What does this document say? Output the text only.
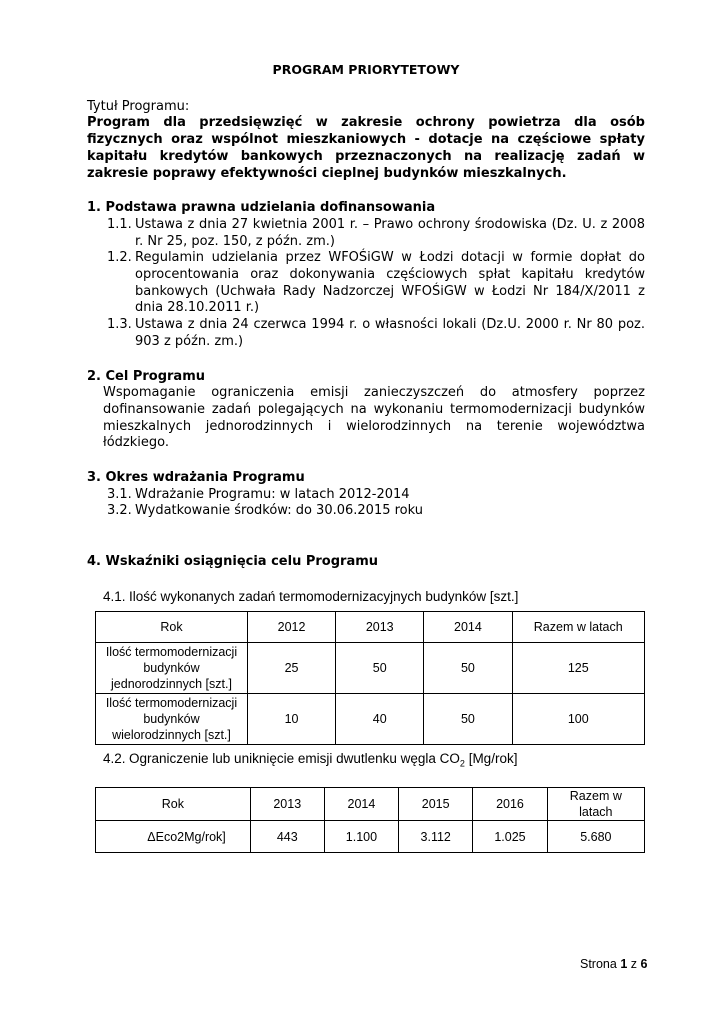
PROGRAM PRIORYTETOWY
Tytuł Programu:
Program dla przedsięwzięć w zakresie ochrony powietrza dla osób fizycznych oraz wspólnot mieszkaniowych - dotacje na częściowe spłaty kapitału kredytów bankowych przeznaczonych na realizację zadań w zakresie poprawy efektywności cieplnej budynków mieszkalnych.
1. Podstawa prawna udzielania dofinansowania
1.1. Ustawa z dnia 27 kwietnia 2001 r. – Prawo ochrony środowiska (Dz. U. z 2008 r. Nr 25, poz. 150, z późn. zm.)
1.2. Regulamin udzielania przez WFOŚiGW w Łodzi dotacji w formie dopłat do oprocentowania oraz dokonywania częściowych spłat kapitału kredytów bankowych (Uchwała Rady Nadzorczej WFOŚiGW w Łodzi Nr 184/X/2011 z dnia 28.10.2011 r.)
1.3. Ustawa z dnia 24 czerwca 1994 r. o własności lokali (Dz.U. 2000 r. Nr 80 poz. 903 z późn. zm.)
2. Cel Programu
Wspomaganie ograniczenia emisji zanieczyszczeń do atmosfery poprzez dofinansowanie zadań polegających na wykonaniu termomodernizacji budynków mieszkalnych jednorodzinnych i wielorodzinnych na terenie województwa łódzkiego.
3. Okres wdrażania Programu
3.1. Wdrażanie Programu: w latach 2012-2014
3.2. Wydatkowanie środków: do 30.06.2015 roku
4. Wskaźniki osiągnięcia celu Programu
4.1. Ilość wykonanych zadań termomodernizacyjnych budynków [szt.]
Rok	2012	2013	2014	Razem w latach
Ilość termomodernizacji budynków jednorodzinnych [szt.]	25	50	50	125
Ilość termomodernizacji budynków wielorodzinnych [szt.]	10	40	50	100
4.2. Ograniczenie lub uniknięcie emisji dwutlenku węgla $CO_2$ [Mg/rok]
Rok	2013	2014	2015	2016	Razem w latach
ΔEco2Mg/rok]	443	1.100	3.112	1.025	5.680
Strona 1 z 6
